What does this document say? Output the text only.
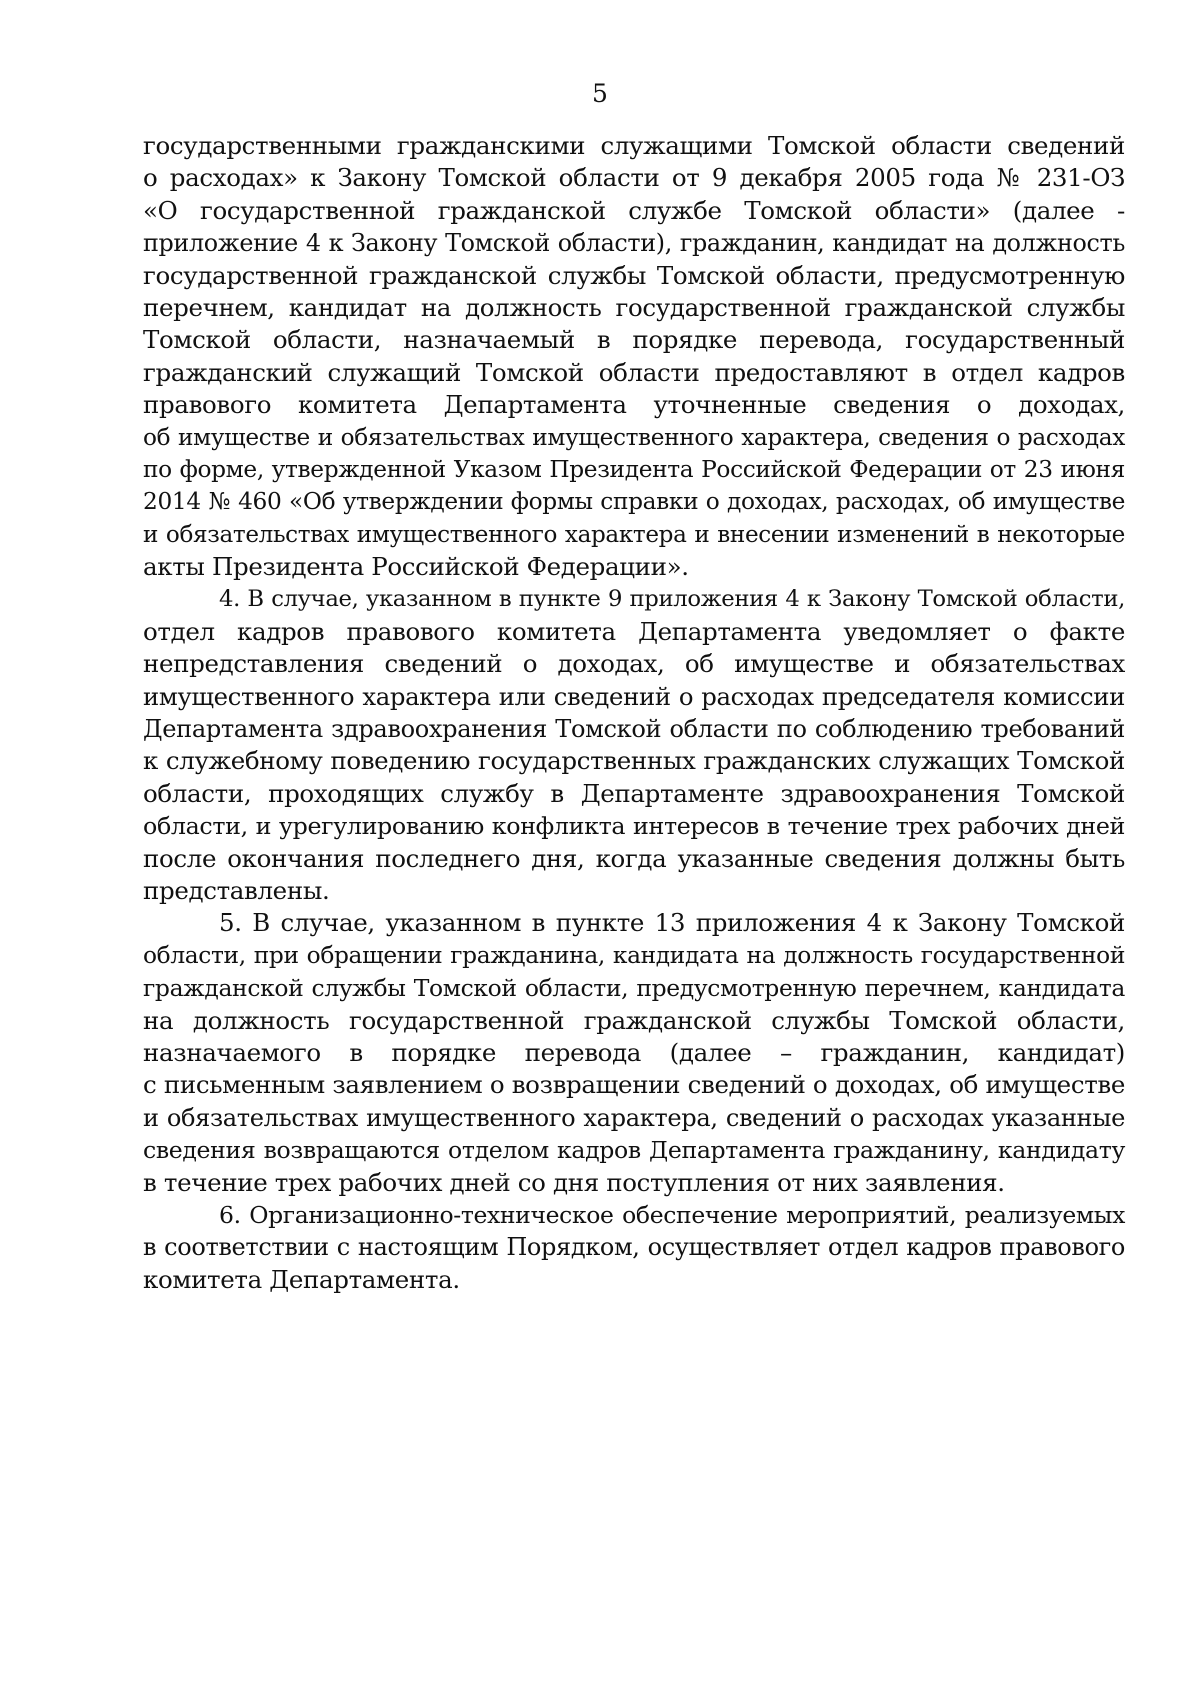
5
государственными гражданскими служащими Томской области сведений
о расходах» к Закону Томской области от 9 декабря 2005 года № 231-ОЗ
«О государственной гражданской службе Томской области» (далее -
приложение 4 к Закону Томской области), гражданин, кандидат на должность
государственной гражданской службы Томской области, предусмотренную
перечнем, кандидат на должность государственной гражданской службы
Томской области, назначаемый в порядке перевода, государственный
гражданский служащий Томской области предоставляют в отдел кадров
правового комитета Департамента уточненные сведения о доходах,
об имуществе и обязательствах имущественного характера, сведения о расходах
по форме, утвержденной Указом Президента Российской Федерации от 23 июня
2014 № 460 «Об утверждении формы справки о доходах, расходах, об имуществе
и обязательствах имущественного характера и внесении изменений в некоторые
акты Президента Российской Федерации».
4. В случае, указанном в пункте 9 приложения 4 к Закону Томской области,
отдел кадров правового комитета Департамента уведомляет о факте
непредставления сведений о доходах, об имуществе и обязательствах
имущественного характера или сведений о расходах председателя комиссии
Департамента здравоохранения Томской области по соблюдению требований
к служебному поведению государственных гражданских служащих Томской
области, проходящих службу в Департаменте здравоохранения Томской
области, и урегулированию конфликта интересов в течение трех рабочих дней
после окончания последнего дня, когда указанные сведения должны быть
представлены.
5. В случае, указанном в пункте 13 приложения 4 к Закону Томской
области, при обращении гражданина, кандидата на должность государственной
гражданской службы Томской области, предусмотренную перечнем, кандидата
на должность государственной гражданской службы Томской области,
назначаемого в порядке перевода (далее – гражданин, кандидат)
с письменным заявлением о возвращении сведений о доходах, об имуществе
и обязательствах имущественного характера, сведений о расходах указанные
сведения возвращаются отделом кадров Департамента гражданину, кандидату
в течение трех рабочих дней со дня поступления от них заявления.
6. Организационно-техническое обеспечение мероприятий, реализуемых
в соответствии с настоящим Порядком, осуществляет отдел кадров правового
комитета Департамента.
